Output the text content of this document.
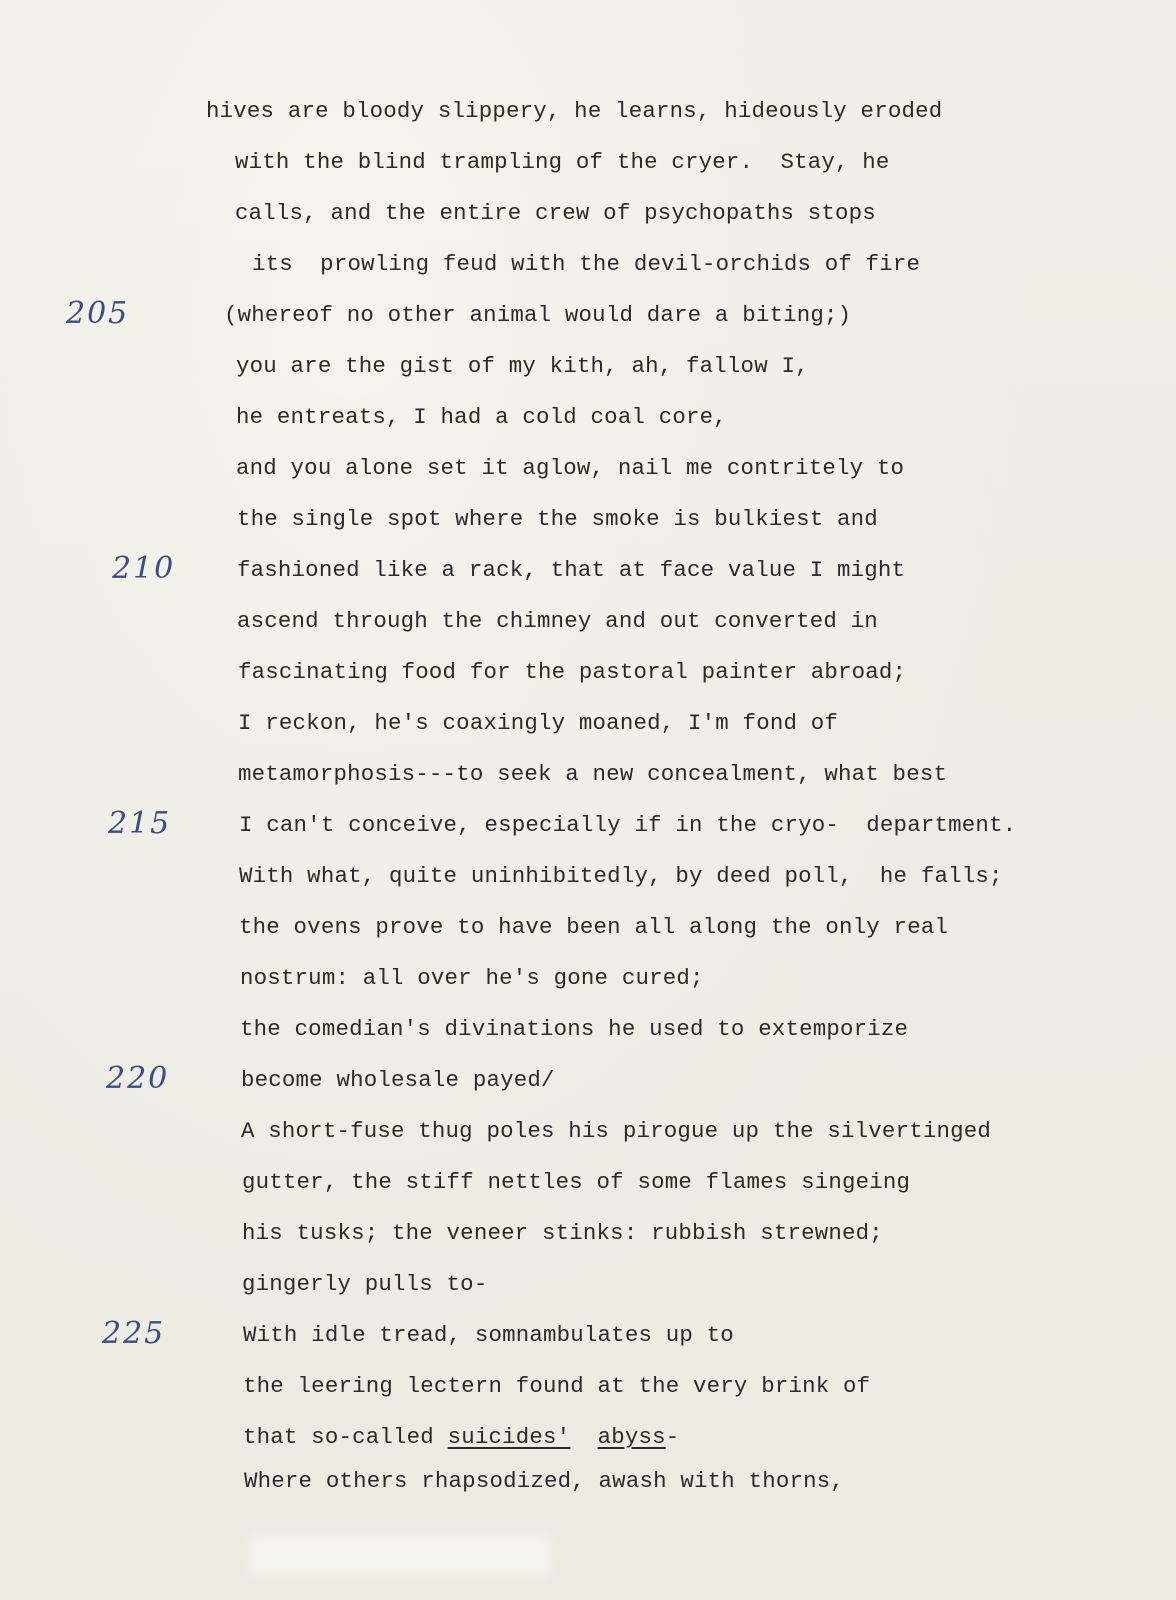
hives are bloody slippery, he learns, hideously eroded
with the blind trampling of the cryer.  Stay, he
calls, and the entire crew of psychopaths stops
its  prowling feud with the devil-orchids of fire
(whereof no other animal would dare a biting;)
you are the gist of my kith, ah, fallow I,
he entreats, I had a cold coal core,
and you alone set it aglow, nail me contritely to
the single spot where the smoke is bulkiest and
fashioned like a rack, that at face value I might
ascend through the chimney and out converted in
fascinating food for the pastoral painter abroad;
I reckon, he's coaxingly moaned, I'm fond of
metamorphosis---to seek a new concealment, what best
I can't conceive, especially if in the cryo-  department.
With what, quite uninhibitedly, by deed poll,  he falls;
the ovens prove to have been all along the only real
nostrum: all over he's gone cured;
the comedian's divinations he used to extemporize
become wholesale payed/
A short-fuse thug poles his pirogue up the silvertinged
gutter, the stiff nettles of some flames singeing
his tusks; the veneer stinks: rubbish strewned;
gingerly pulls to-
With idle tread, somnambulates up to
the leering lectern found at the very brink of
that so-called suicides' abyss-
Where others rhapsodized, awash with thorns,
205
210
215
220
225
